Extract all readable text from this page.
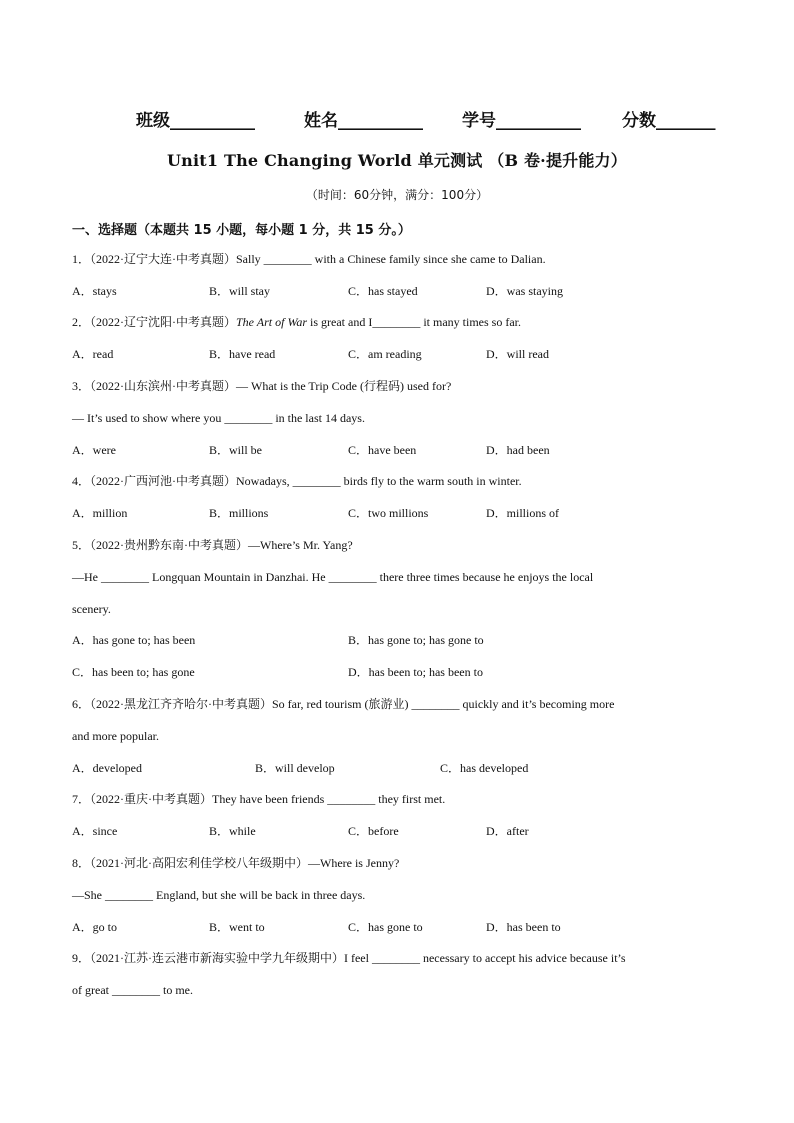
班级__________	姓名__________ 学号__________ 分数_______
Unit1 The Changing World 单元测试 （B 卷·提升能力）
（时间：60分钟，满分：100分）
一、选择题（本题共 15 小题，每小题 1 分，共 15 分。）
1．（2022·辽宁大连·中考真题）Sally ________ with a Chinese family since she came to Dalian.
A．stays	B．will stay	C．has stayed	D．was staying
2．（2022·辽宁沈阳·中考真题）The Art of War is great and I________ it many times so far.
A．read	B．have read	C．am reading	D．will read
3．（2022·山东滨州·中考真题）— What is the Trip Code (行程码) used for?
— It’s used to show where you ________ in the last 14 days.
A．were	B．will be	C．have been	D．had been
4．（2022·广西河池·中考真题）Nowadays, ________ birds fly to the warm south in winter.
A．million	B．millions	C．two millions	D．millions of
5．（2022·贵州黔东南·中考真题）—Where’s Mr. Yang?
—He ________ Longquan Mountain in Danzhai. He ________ there three times because he enjoys the local
scenery.
A．has gone to; has been	B．has gone to; has gone to
C．has been to; has gone	D．has been to; has been to
6．（2022·黑龙江齐齐哈尔·中考真题）So far, red tourism (旅游业) ________ quickly and it’s becoming more
and more popular.
A．developed	B．will develop	C．has developed
7．（2022·重庆·中考真题）They have been friends ________ they first met.
A．since	B．while	C．before	D．after
8．（2021·河北·高阳宏利佳学校八年级期中）—Where is Jenny?
—She ________ England, but she will be back in three days.
A．go to	B．went to	C．has gone to	D．has been to
9．（2021·江苏·连云港市新海实验中学九年级期中）I feel ________ necessary to accept his advice because it’s
of great ________ to me.
